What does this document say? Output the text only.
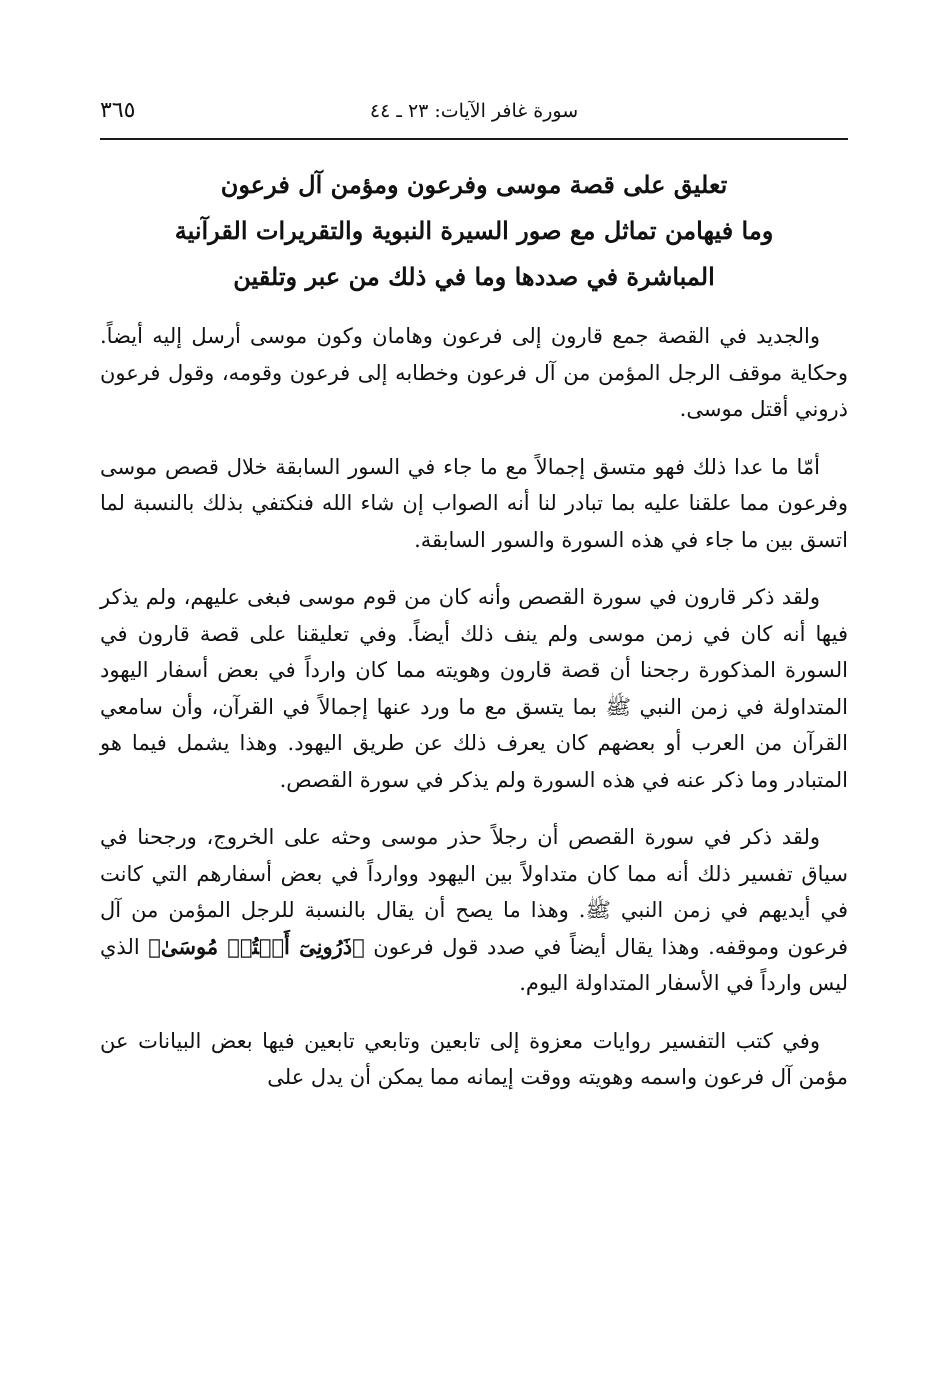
سورة غافر الآيات: ٢٣ ـ ٤٤
٣٦٥
تعليق على قصة موسى وفرعون ومؤمن آل فرعون
وما فيهامن تماثل مع صور السيرة النبوية والتقريرات القرآنية
المباشرة في صددها وما في ذلك من عبر وتلقين

والجديد في القصة جمع قارون إلى فرعون وهامان وكون موسى أرسل إليه أيضاً. وحكاية موقف الرجل المؤمن من آل فرعون وخطابه إلى فرعون وقومه، وقول فرعون ذروني أقتل موسى.

أمّا ما عدا ذلك فهو متسق إجمالاً مع ما جاء في السور السابقة خلال قصص موسى وفرعون مما علقنا عليه بما تبادر لنا أنه الصواب إن شاء الله فنكتفي بذلك بالنسبة لما اتسق بين ما جاء في هذه السورة والسور السابقة.

ولقد ذكر قارون في سورة القصص وأنه كان من قوم موسى فبغى عليهم، ولم يذكر فيها أنه كان في زمن موسى ولم ينف ذلك أيضاً. وفي تعليقنا على قصة قارون في السورة المذكورة رجحنا أن قصة قارون وهويته مما كان وارداً في بعض أسفار اليهود المتداولة في زمن النبي ﷺ بما يتسق مع ما ورد عنها إجمالاً في القرآن، وأن سامعي القرآن من العرب أو بعضهم كان يعرف ذلك عن طريق اليهود. وهذا يشمل فيما هو المتبادر وما ذكر عنه في هذه السورة ولم يذكر في سورة القصص.

ولقد ذكر في سورة القصص أن رجلاً حذر موسى وحثه على الخروج، ورجحنا في سياق تفسير ذلك أنه مما كان متداولاً بين اليهود ووارداً في بعض أسفارهم التي كانت في أيديهم في زمن النبي ﷺ. وهذا ما يصح أن يقال بالنسبة للرجل المؤمن من آل فرعون وموقفه. وهذا يقال أيضاً في صدد قول فرعون ﴿ذَرُونِىٓ أَقۡتُلۡ مُوسَىٰ﴾ الذي ليس وارداً في الأسفار المتداولة اليوم.

وفي كتب التفسير روايات معزوة إلى تابعين وتابعي تابعين فيها بعض البيانات عن مؤمن آل فرعون واسمه وهويته ووقت إيمانه مما يمكن أن يدل على
